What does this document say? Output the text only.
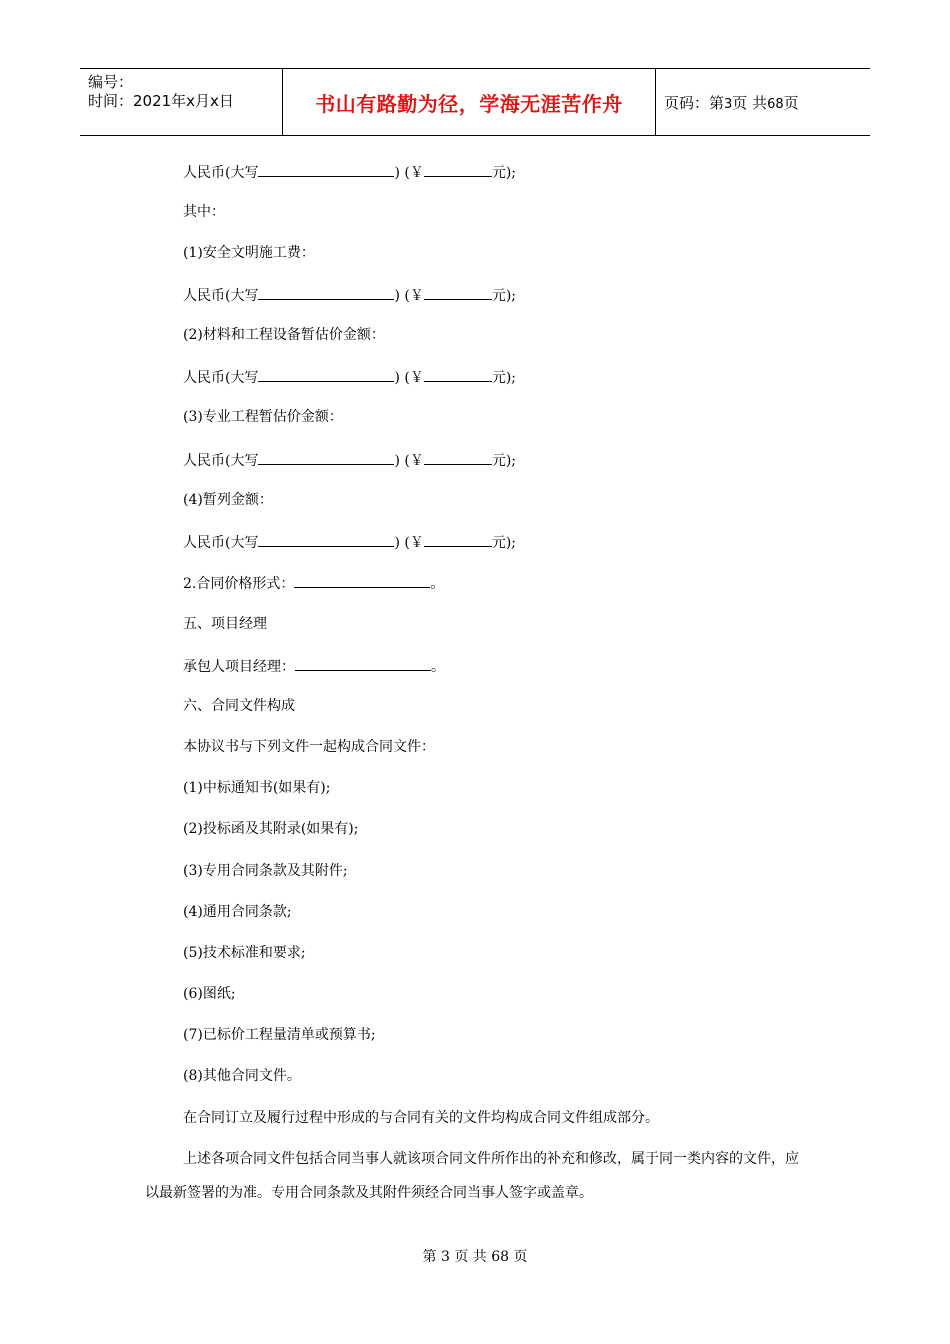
编号：
时间：2021年x月x日	书山有路勤为径，学海无涯苦作舟	页码：第3页 共68页
人民币(大写	) (￥	元);
其中：
(1)安全文明施工费：
人民币(大写	) (￥	元);
(2)材料和工程设备暂估价金额：
人民币(大写	) (￥	元);
(3)专业工程暂估价金额：
人民币(大写	) (￥	元);
(4)暂列金额：
人民币(大写	) (￥	元);
2.合同价格形式：	。
五、项目经理
承包人项目经理：	。
六、合同文件构成
本协议书与下列文件一起构成合同文件：
(1)中标通知书(如果有);
(2)投标函及其附录(如果有);
(3)专用合同条款及其附件;
(4)通用合同条款;
(5)技术标准和要求;
(6)图纸;
(7)已标价工程量清单或预算书;
(8)其他合同文件。
在合同订立及履行过程中形成的与合同有关的文件均构成合同文件组成部分。
上述各项合同文件包括合同当事人就该项合同文件所作出的补充和修改，属于同一类内容的文件，应以最新签署的为准。专用合同条款及其附件须经合同当事人签字或盖章。
第 3 页 共 68 页
